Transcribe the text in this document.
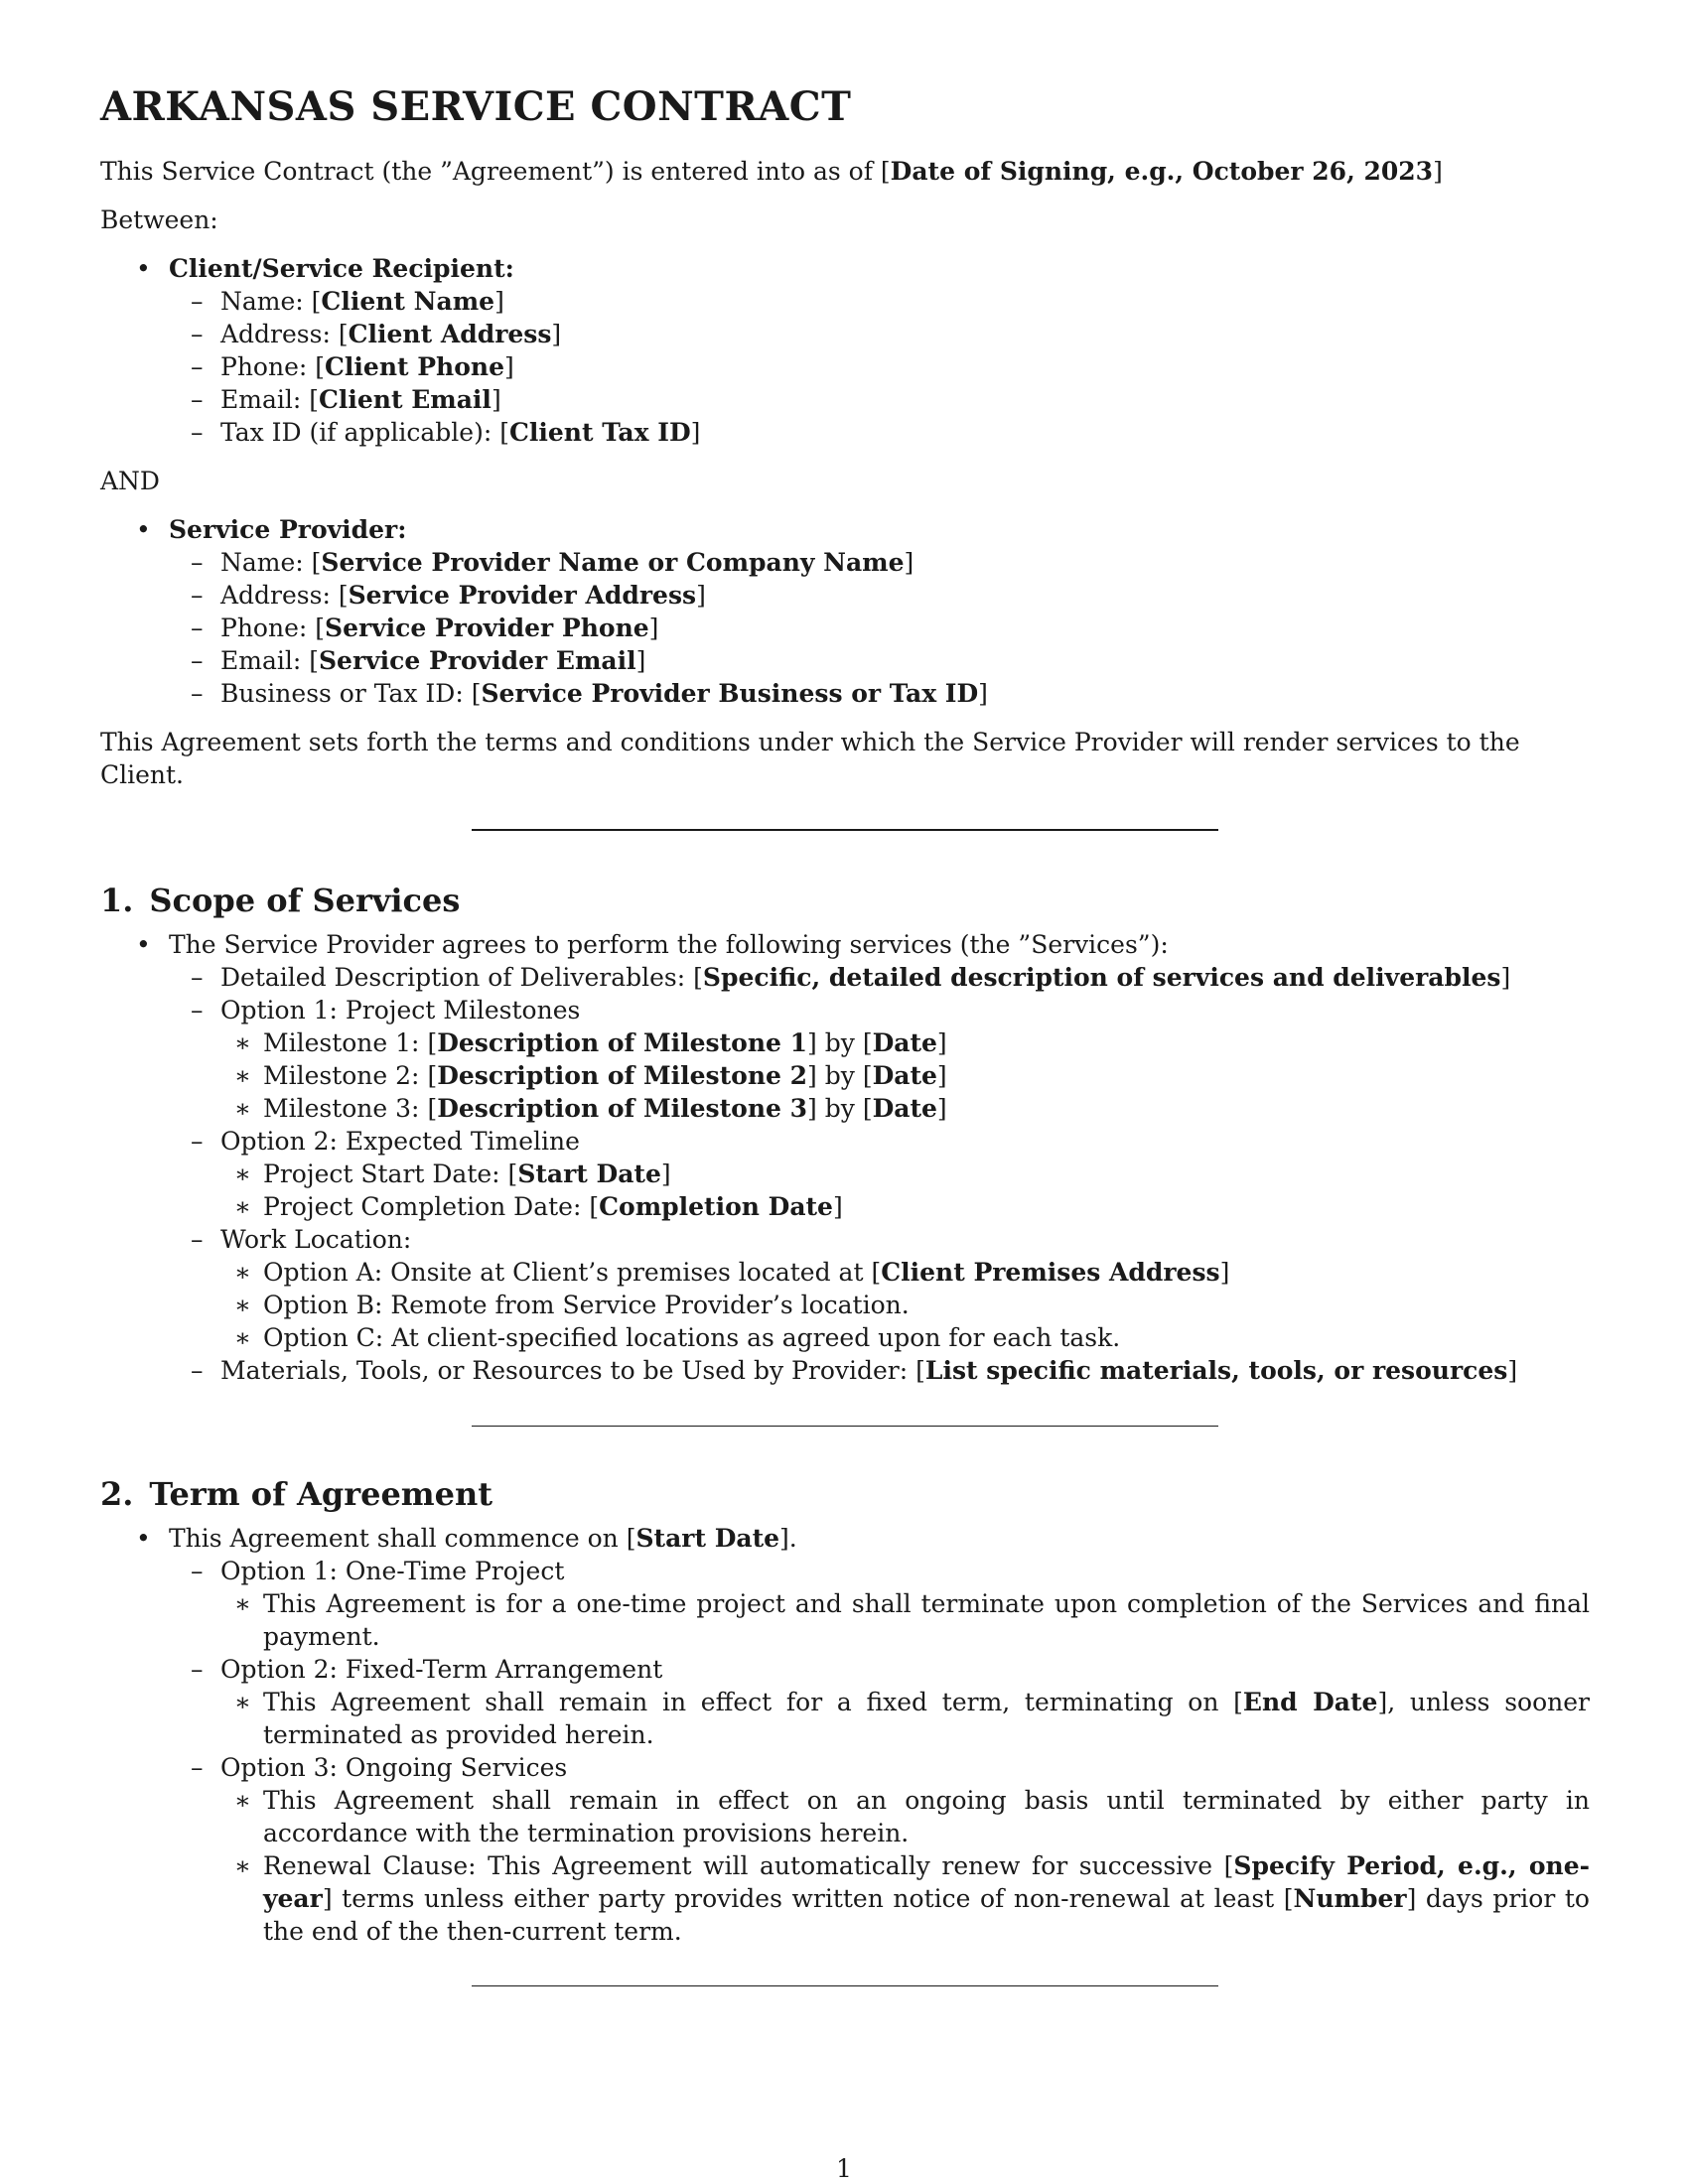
ARKANSAS SERVICE CONTRACT

This Service Contract (the ”Agreement”) is entered into as of [Date of Signing, e.g., October 26, 2023]

Between:

• Client/Service Recipient:
– Name: [Client Name]
– Address: [Client Address]
– Phone: [Client Phone]
– Email: [Client Email]
– Tax ID (if applicable): [Client Tax ID]

AND

• Service Provider:
– Name: [Service Provider Name or Company Name]
– Address: [Service Provider Address]
– Phone: [Service Provider Phone]
– Email: [Service Provider Email]
– Business or Tax ID: [Service Provider Business or Tax ID]

This Agreement sets forth the terms and conditions under which the Service Provider will render services to the Client.

1. Scope of Services
• The Service Provider agrees to perform the following services (the ”Services”):
– Detailed Description of Deliverables: [Specific, detailed description of services and deliverables]
– Option 1: Project Milestones
∗ Milestone 1: [Description of Milestone 1] by [Date]
∗ Milestone 2: [Description of Milestone 2] by [Date]
∗ Milestone 3: [Description of Milestone 3] by [Date]
– Option 2: Expected Timeline
∗ Project Start Date: [Start Date]
∗ Project Completion Date: [Completion Date]
– Work Location:
∗ Option A: Onsite at Client’s premises located at [Client Premises Address]
∗ Option B: Remote from Service Provider’s location.
∗ Option C: At client-specified locations as agreed upon for each task.
– Materials, Tools, or Resources to be Used by Provider: [List specific materials, tools, or resources]
2. Term of Agreement
• This Agreement shall commence on [Start Date].
– Option 1: One-Time Project
∗ This Agreement is for a one-time project and shall terminate upon completion of the Services and final payment.
– Option 2: Fixed-Term Arrangement
∗ This Agreement shall remain in effect for a fixed term, terminating on [End Date], unless sooner terminated as provided herein.
– Option 3: Ongoing Services
∗ This Agreement shall remain in effect on an ongoing basis until terminated by either party in accordance with the termination provisions herein.
∗ Renewal Clause: This Agreement will automatically renew for successive [Specify Period, e.g., one-year] terms unless either party provides written notice of non-renewal at least [Number] days prior to the end of the then-current term.
1
